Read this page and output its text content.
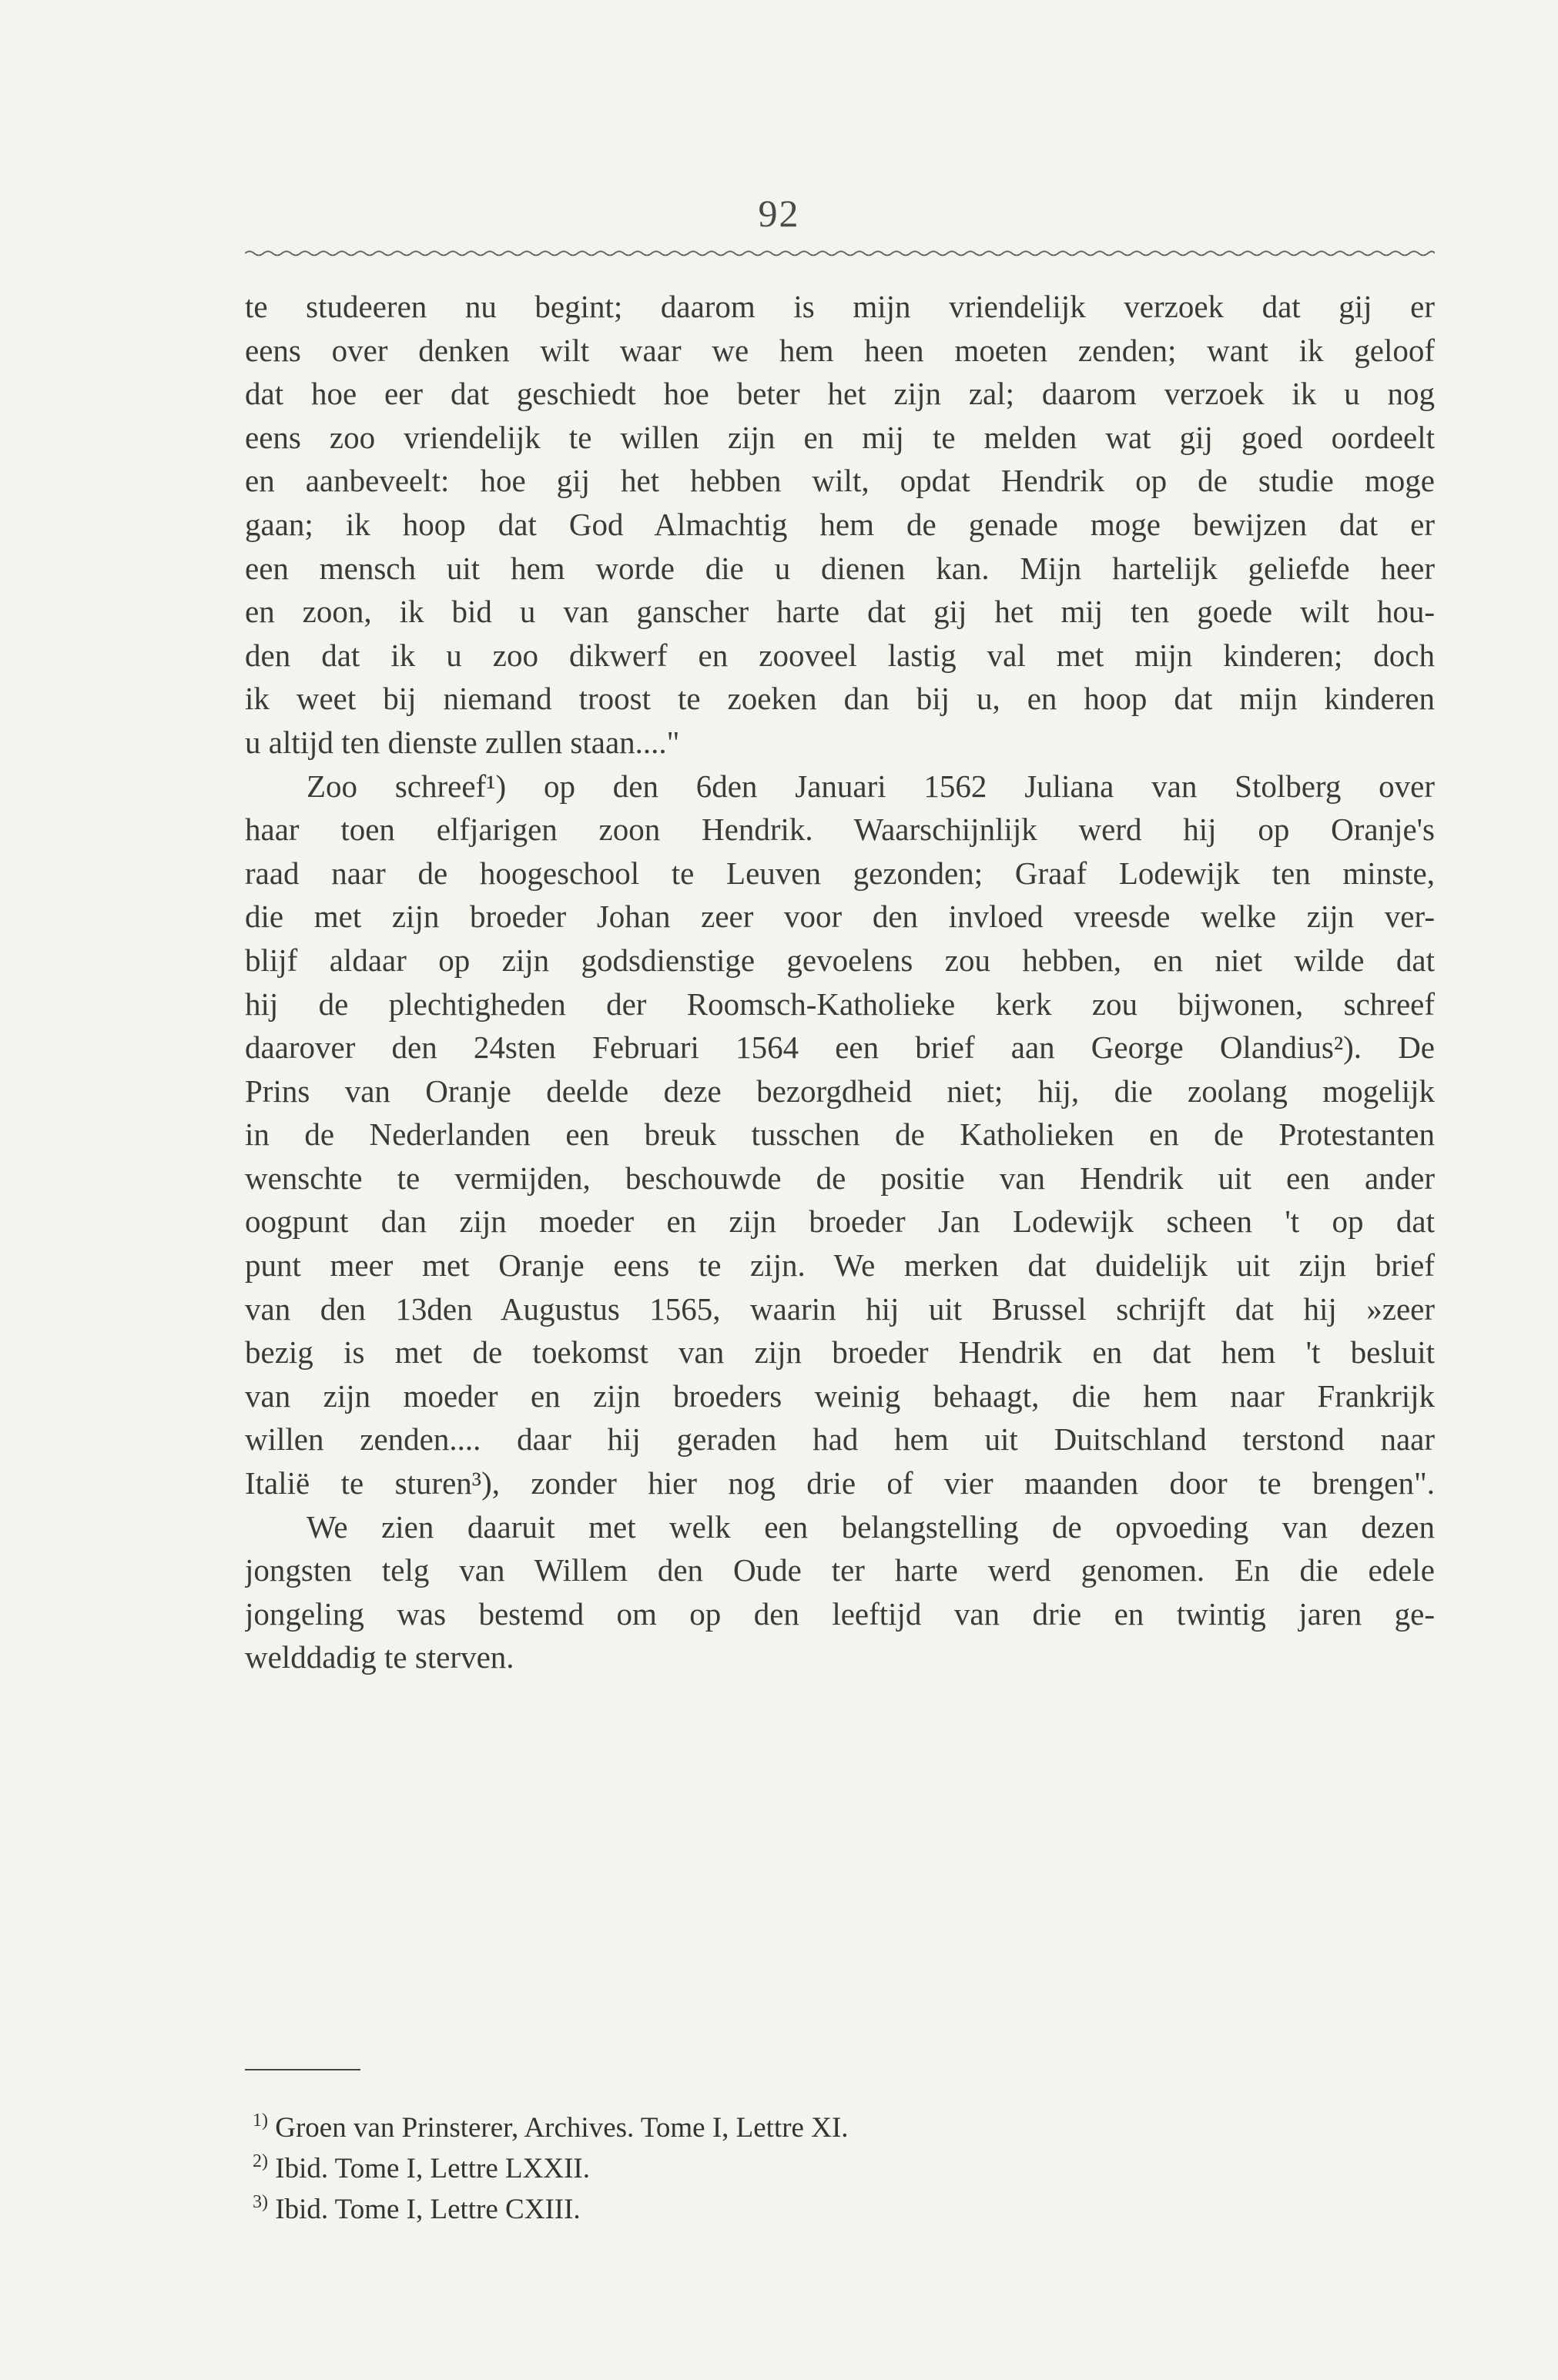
92
te studeeren nu begint; daarom is mijn vriendelijk verzoek dat gij er
eens over denken wilt waar we hem heen moeten zenden; want ik geloof
dat hoe eer dat geschiedt hoe beter het zijn zal; daarom verzoek ik u nog
eens zoo vriendelijk te willen zijn en mij te melden wat gij goed oordeelt
en aanbeveelt: hoe gij het hebben wilt, opdat Hendrik op de studie moge
gaan; ik hoop dat God Almachtig hem de genade moge bewijzen dat er
een mensch uit hem worde die u dienen kan. Mijn hartelijk geliefde heer
en zoon, ik bid u van ganscher harte dat gij het mij ten goede wilt hou-
den dat ik u zoo dikwerf en zooveel lastig val met mijn kinderen; doch
ik weet bij niemand troost te zoeken dan bij u, en hoop dat mijn kinderen
u altijd ten dienste zullen staan...."
Zoo schreef¹) op den 6den Januari 1562 Juliana van Stolberg over
haar toen elfjarigen zoon Hendrik. Waarschijnlijk werd hij op Oranje's
raad naar de hoogeschool te Leuven gezonden; Graaf Lodewijk ten minste,
die met zijn broeder Johan zeer voor den invloed vreesde welke zijn ver-
blijf aldaar op zijn godsdienstige gevoelens zou hebben, en niet wilde dat
hij de plechtigheden der Roomsch-Katholieke kerk zou bijwonen, schreef
daarover den 24sten Februari 1564 een brief aan George Olandius²). De
Prins van Oranje deelde deze bezorgdheid niet; hij, die zoolang mogelijk
in de Nederlanden een breuk tusschen de Katholieken en de Protestanten
wenschte te vermijden, beschouwde de positie van Hendrik uit een ander
oogpunt dan zijn moeder en zijn broeder Jan Lodewijk scheen 't op dat
punt meer met Oranje eens te zijn. We merken dat duidelijk uit zijn brief
van den 13den Augustus 1565, waarin hij uit Brussel schrijft dat hij »zeer
bezig is met de toekomst van zijn broeder Hendrik en dat hem 't besluit
van zijn moeder en zijn broeders weinig behaagt, die hem naar Frankrijk
willen zenden.... daar hij geraden had hem uit Duitschland terstond naar
Italië te sturen³), zonder hier nog drie of vier maanden door te brengen".
We zien daaruit met welk een belangstelling de opvoeding van dezen
jongsten telg van Willem den Oude ter harte werd genomen. En die edele
jongeling was bestemd om op den leeftijd van drie en twintig jaren ge-
welddadig te sterven.
$^{1)}$ Groen van Prinsterer, Archives. Tome I, Lettre XI.
$^{2)}$ Ibid. Tome I, Lettre LXXII.
$^{3)}$ Ibid. Tome I, Lettre CXIII.
